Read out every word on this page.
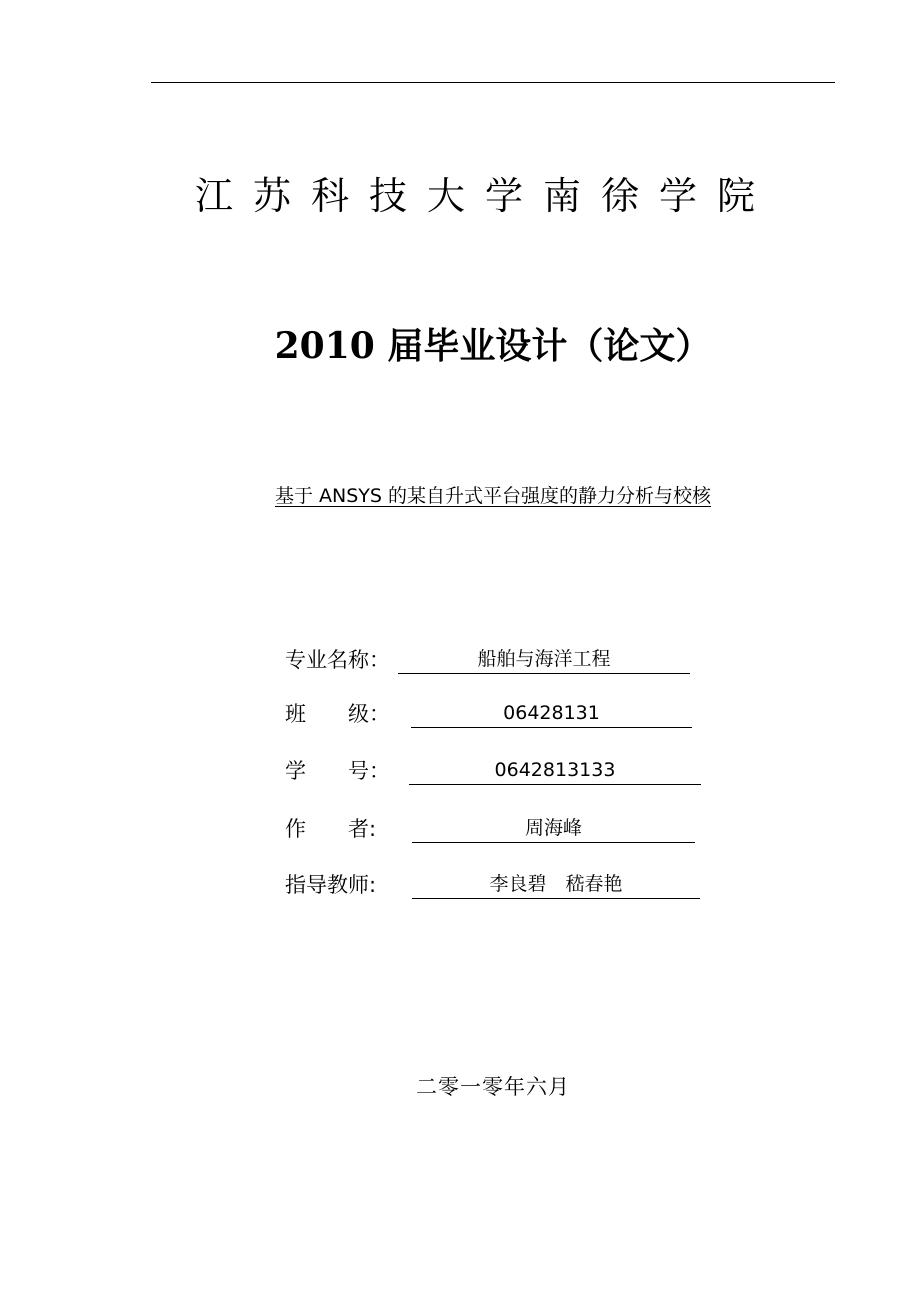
江苏科技大学南徐学院
2010 届毕业设计（论文）
基于 ANSYS 的某自升式平台强度的静力分析与校核
专业名称：	船舶与海洋工程
班　　级：	06428131
学　　号：	0642813133
作　　者:	周海峰
指导教师:	李良碧　嵇春艳
二零一零年六月
